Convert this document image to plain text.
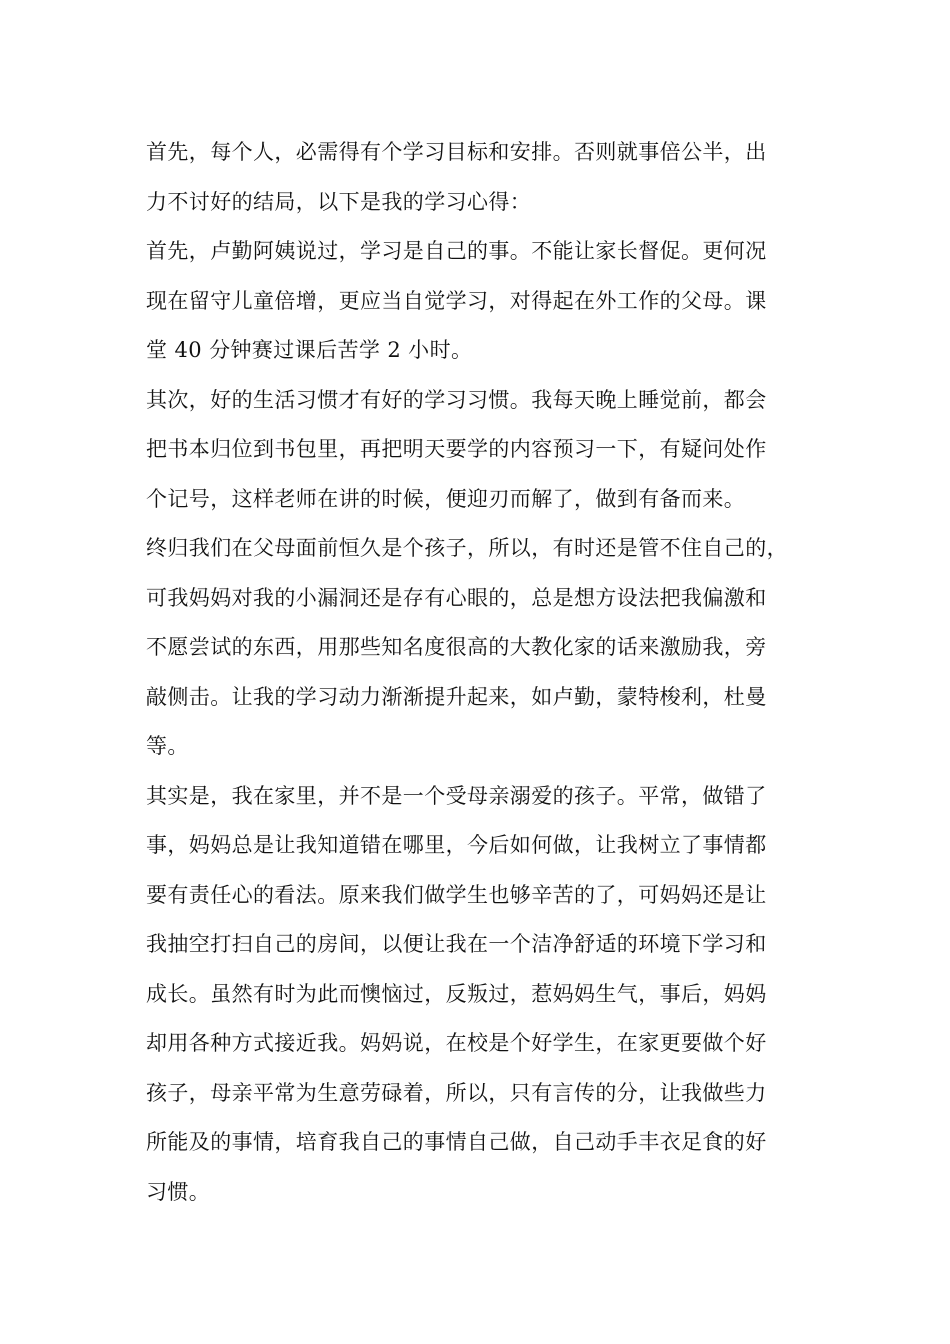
首先，每个人，必需得有个学习目标和安排。否则就事倍公半，出
力不讨好的结局，以下是我的学习心得：
首先，卢勤阿姨说过，学习是自己的事。不能让家长督促。更何况
现在留守儿童倍增，更应当自觉学习，对得起在外工作的父母。课
堂 40 分钟赛过课后苦学 2 小时。
其次，好的生活习惯才有好的学习习惯。我每天晚上睡觉前，都会
把书本归位到书包里，再把明天要学的内容预习一下，有疑问处作
个记号，这样老师在讲的时候，便迎刃而解了，做到有备而来。
终归我们在父母面前恒久是个孩子，所以，有时还是管不住自己的，
可我妈妈对我的小漏洞还是存有心眼的，总是想方设法把我偏激和
不愿尝试的东西，用那些知名度很高的大教化家的话来激励我，旁
敲侧击。让我的学习动力渐渐提升起来，如卢勤，蒙特梭利，杜曼
等。
其实是，我在家里，并不是一个受母亲溺爱的孩子。平常，做错了
事，妈妈总是让我知道错在哪里，今后如何做，让我树立了事情都
要有责任心的看法。原来我们做学生也够辛苦的了，可妈妈还是让
我抽空打扫自己的房间，以便让我在一个洁净舒适的环境下学习和
成长。虽然有时为此而懊恼过，反叛过，惹妈妈生气，事后，妈妈
却用各种方式接近我。妈妈说，在校是个好学生，在家更要做个好
孩子，母亲平常为生意劳碌着，所以，只有言传的分，让我做些力
所能及的事情，培育我自己的事情自己做，自己动手丰衣足食的好
习惯。
